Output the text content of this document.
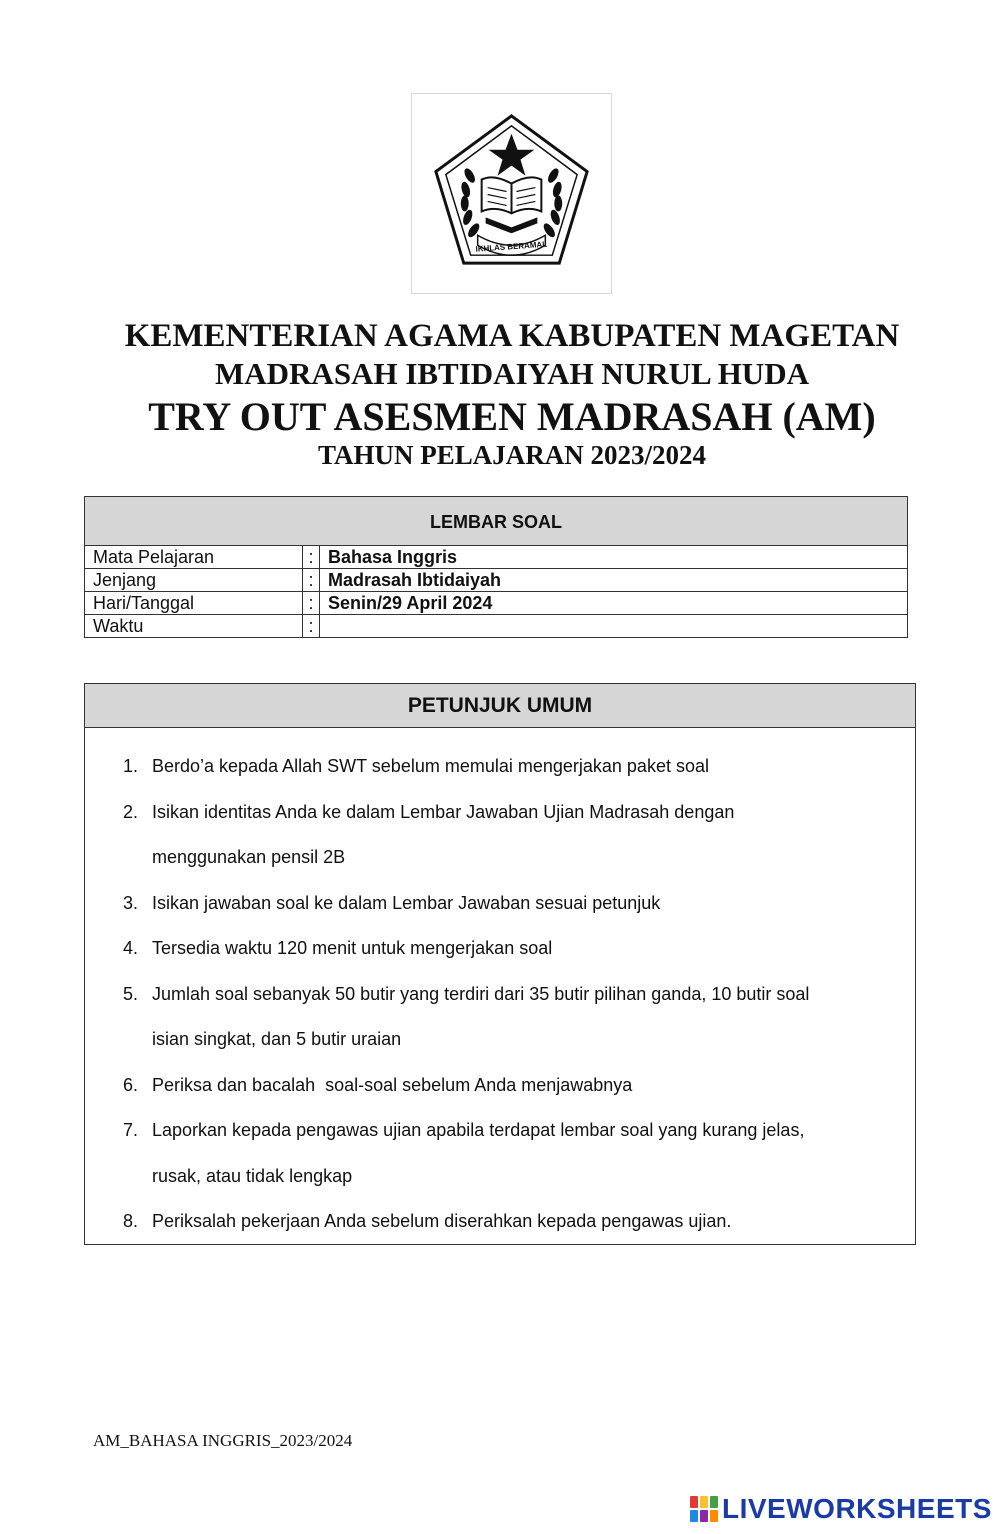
IKHLAS BERAMAL
KEMENTERIAN AGAMA KABUPATEN MAGETAN
MADRASAH IBTIDAIYAH NURUL HUDA
TRY OUT ASESMEN MADRASAH (AM)
TAHUN PELAJARAN 2023/2024
LEMBAR SOAL		
Mata Pelajaran	:	Bahasa Inggris
Jenjang	:	Madrasah Ibtidaiyah
Hari/Tanggal	:	Senin/29 April 2024
Waktu	:	
PETUNJUK UMUM
1. Berdo’a kepada Allah SWT sebelum memulai mengerjakan paket soal
2. Isikan identitas Anda ke dalam Lembar Jawaban Ujian Madrasah dengan
menggunakan pensil 2B
3. Isikan jawaban soal ke dalam Lembar Jawaban sesuai petunjuk
4. Tersedia waktu 120 menit untuk mengerjakan soal
5. Jumlah soal sebanyak 50 butir yang terdiri dari 35 butir pilihan ganda, 10 butir soal
isian singkat, dan 5 butir uraian
6. Periksa dan bacalah  soal-soal sebelum Anda menjawabnya
7. Laporkan kepada pengawas ujian apabila terdapat lembar soal yang kurang jelas,
rusak, atau tidak lengkap
8. Periksalah pekerjaan Anda sebelum diserahkan kepada pengawas ujian.
AM_BAHASA INGGRIS_2023/2024
LIVEWORKSHEETS
